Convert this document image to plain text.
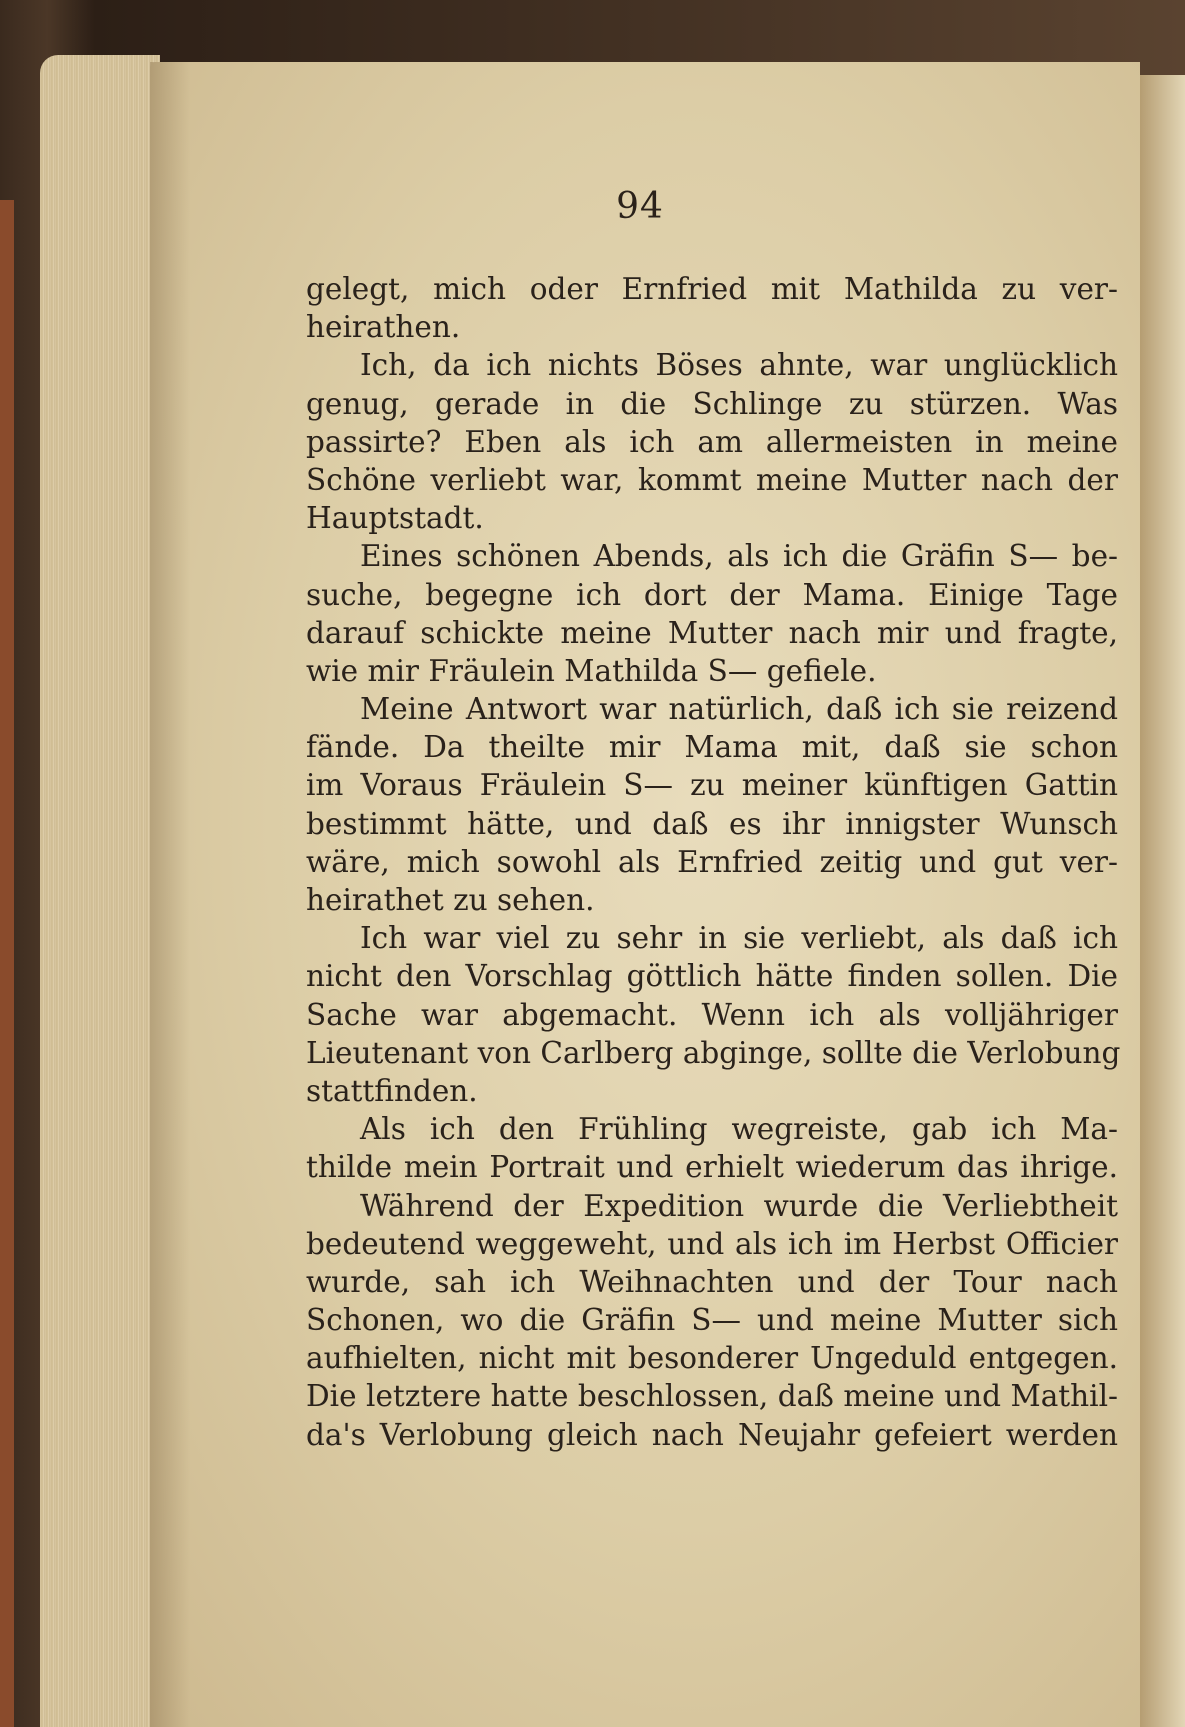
94
gelegt, mich oder Ernfried mit Mathilda zu ver-
heirathen.
Ich, da ich nichts Böses ahnte, war unglücklich
genug, gerade in die Schlinge zu stürzen. Was
passirte? Eben als ich am allermeisten in meine
Schöne verliebt war, kommt meine Mutter nach der
Hauptstadt.
Eines schönen Abends, als ich die Gräfin S— be-
suche, begegne ich dort der Mama. Einige Tage
darauf schickte meine Mutter nach mir und fragte,
wie mir Fräulein Mathilda S— gefiele.
Meine Antwort war natürlich, daß ich sie reizend
fände. Da theilte mir Mama mit, daß sie schon
im Voraus Fräulein S— zu meiner künftigen Gattin
bestimmt hätte, und daß es ihr innigster Wunsch
wäre, mich sowohl als Ernfried zeitig und gut ver-
heirathet zu sehen.
Ich war viel zu sehr in sie verliebt, als daß ich
nicht den Vorschlag göttlich hätte finden sollen. Die
Sache war abgemacht. Wenn ich als volljähriger
Lieutenant von Carlberg abginge, sollte die Verlobung
stattfinden.
Als ich den Frühling wegreiste, gab ich Ma-
thilde mein Portrait und erhielt wiederum das ihrige.
Während der Expedition wurde die Verliebtheit
bedeutend weggeweht, und als ich im Herbst Officier
wurde, sah ich Weihnachten und der Tour nach
Schonen, wo die Gräfin S— und meine Mutter sich
aufhielten, nicht mit besonderer Ungeduld entgegen.
Die letztere hatte beschlossen, daß meine und Mathil-
da's Verlobung gleich nach Neujahr gefeiert werden
